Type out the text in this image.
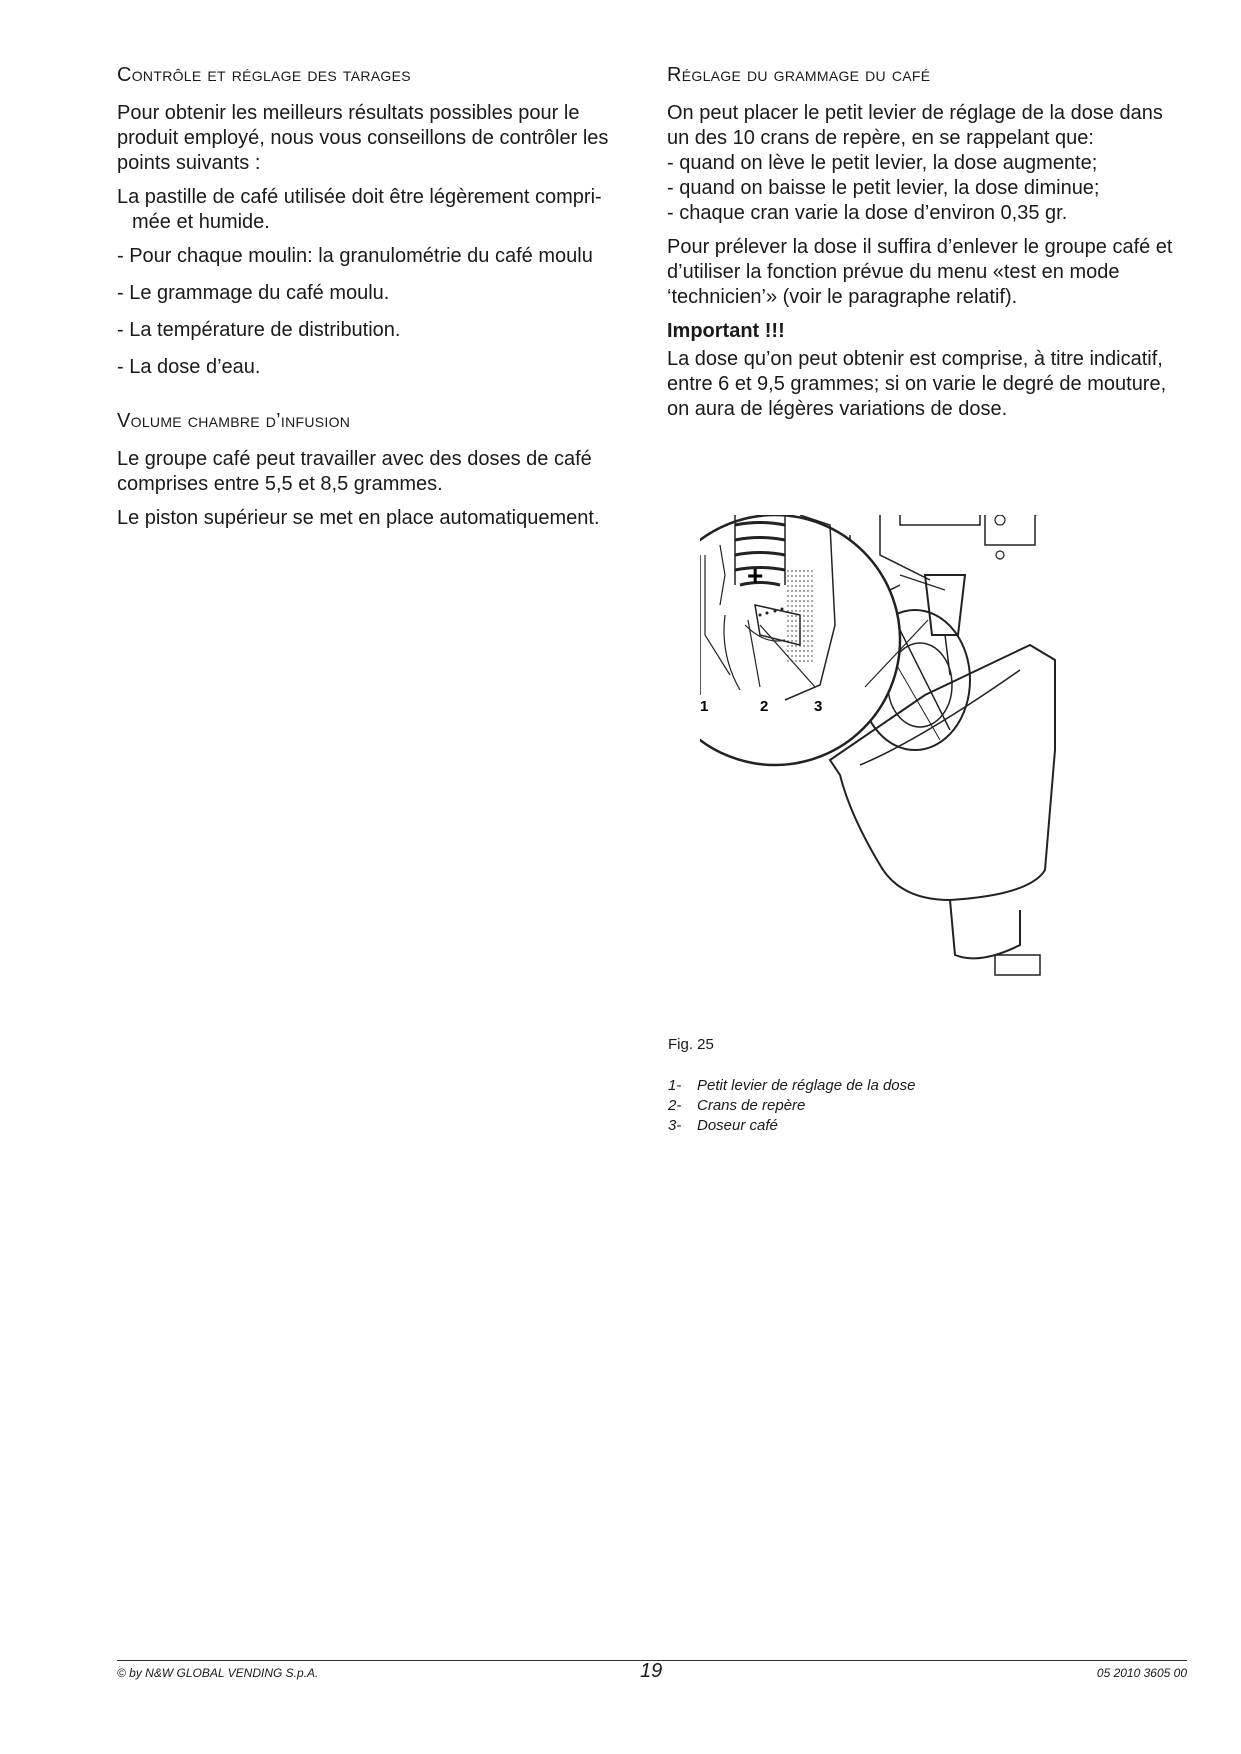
Contrôle et réglage des tarages

Pour obtenir les meilleurs résultats possibles pour le produit employé, nous vous conseillons de contrôler les points suivants :

La pastille de café utilisée doit être légèrement compri-mée et humide.

- Pour chaque moulin: la granulométrie du café moulu

- Le grammage du café moulu.

- La température de distribution.

- La dose d’eau.

Volume chambre d’infusion

Le groupe café peut travailler avec des doses de café comprises entre 5,5 et 8,5 grammes.

Le piston supérieur se met en place automatiquement.

Réglage du grammage du café

On peut placer le petit levier de réglage de la dose dans un des 10 crans de repère, en se rappelant que:

- quand on lève le petit levier, la dose augmente;

- quand on baisse le petit levier, la dose diminue;

- chaque cran varie la dose d’environ 0,35 gr.

Pour prélever la dose il suffira d’enlever le groupe café et d’utiliser la fonction prévue du menu «test en mode ‘technicien’» (voir le paragraphe relatif).

Important !!!

La dose qu’on peut obtenir est comprise, à titre indicatif, entre 6 et 9,5 grammes; si on varie le degré de mouture, on aura de légères variations de dose.

+
1	2	3
Fig. 25
1-	Petit levier de réglage de la dose
2-	Crans de repère
3-	Doseur café
© by N&W GLOBAL VENDING S.p.A.	19	05 2010 3605 00
